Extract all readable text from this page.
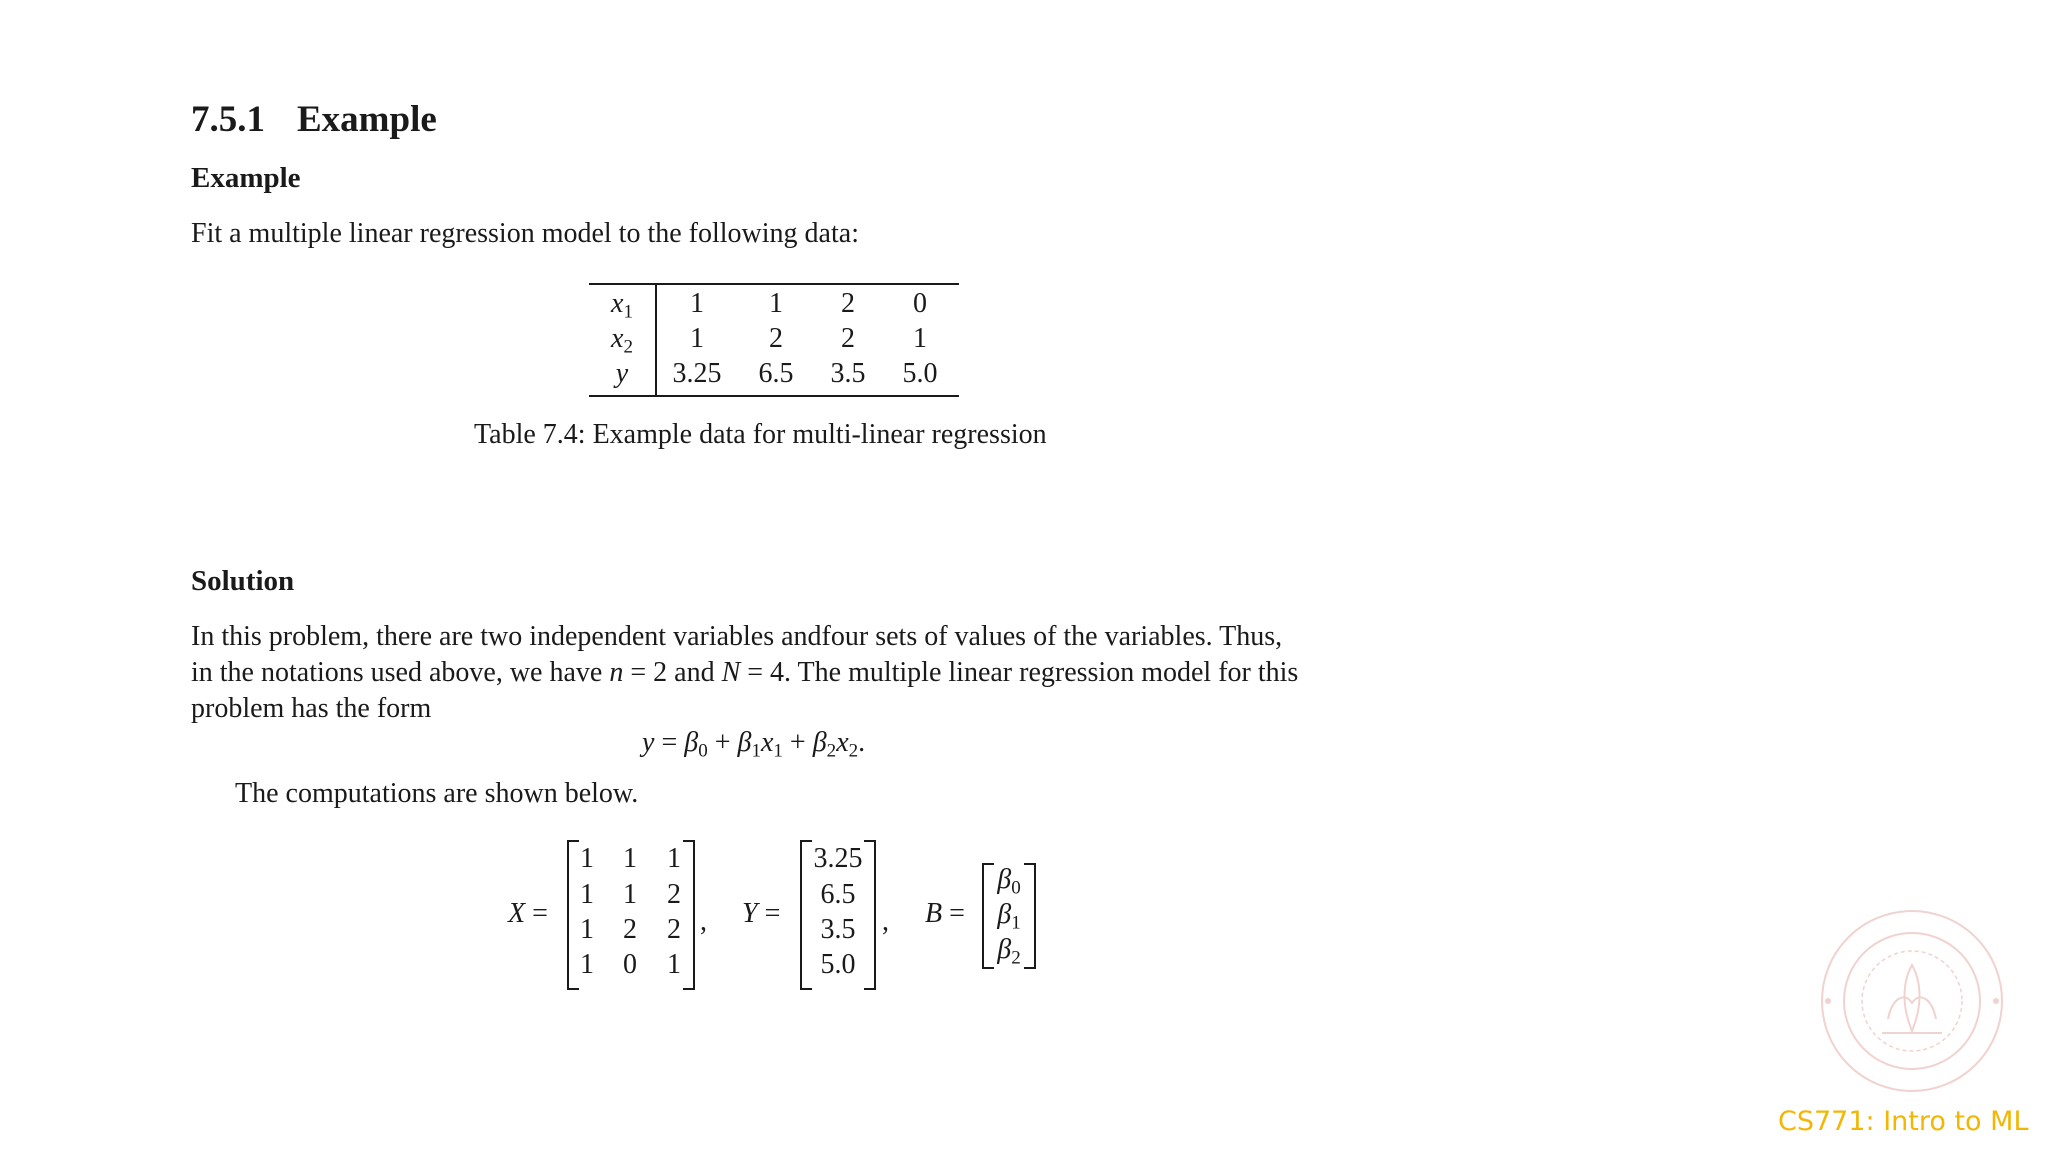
7.5.1 Example
Example
Fit a multiple linear regression model to the following data:
$x_1$ 1 1 2 0
$x_2$ 1 2 2 1
y 3.25 6.5 3.5 5.0
Table 7.4: Example data for multi-linear regression
Solution
In this problem, there are two independent variables andfour sets of values of the variables. Thus,
in the notations used above, we have n = 2 and N = 4. The multiple linear regression model for this
problem has the form
$y = \beta_0 + \beta_1x_1 + \beta_2x_2$.
The computations are shown below.
X =
1 1 1
1 1 2
1 2 2
1 0 1
, Y =
3.25
6.5
3.5
5.0
, B =
$\beta_0$
$\beta_1$
$\beta_2$
CS771: Intro to ML
